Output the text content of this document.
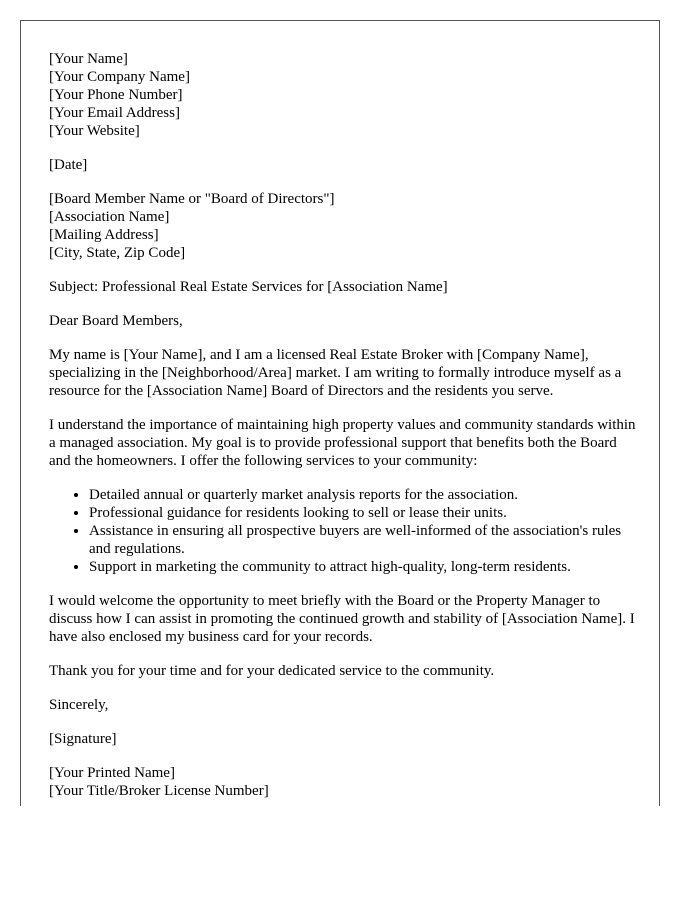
[Your Name]
[Your Company Name]
[Your Phone Number]
[Your Email Address]
[Your Website]
[Date]
[Board Member Name or "Board of Directors"]
[Association Name]
[Mailing Address]
[City, State, Zip Code]

Subject: Professional Real Estate Services for [Association Name]

Dear Board Members,

My name is [Your Name], and I am a licensed Real Estate Broker with [Company Name], specializing in the [Neighborhood/Area] market. I am writing to formally introduce myself as a resource for the [Association Name] Board of Directors and the residents you serve.

I understand the importance of maintaining high property values and community standards within a managed association. My goal is to provide professional support that benefits both the Board and the homeowners. I offer the following services to your community:

• Detailed annual or quarterly market analysis reports for the association.
• Professional guidance for residents looking to sell or lease their units.
• Assistance in ensuring all prospective buyers are well-informed of the association's rules and regulations.
• Support in marketing the community to attract high-quality, long-term residents.

I would welcome the opportunity to meet briefly with the Board or the Property Manager to discuss how I can assist in promoting the continued growth and stability of [Association Name]. I have also enclosed my business card for your records.

Thank you for your time and for your dedicated service to the community.

Sincerely,

[Signature]

[Your Printed Name]
[Your Title/Broker License Number]
